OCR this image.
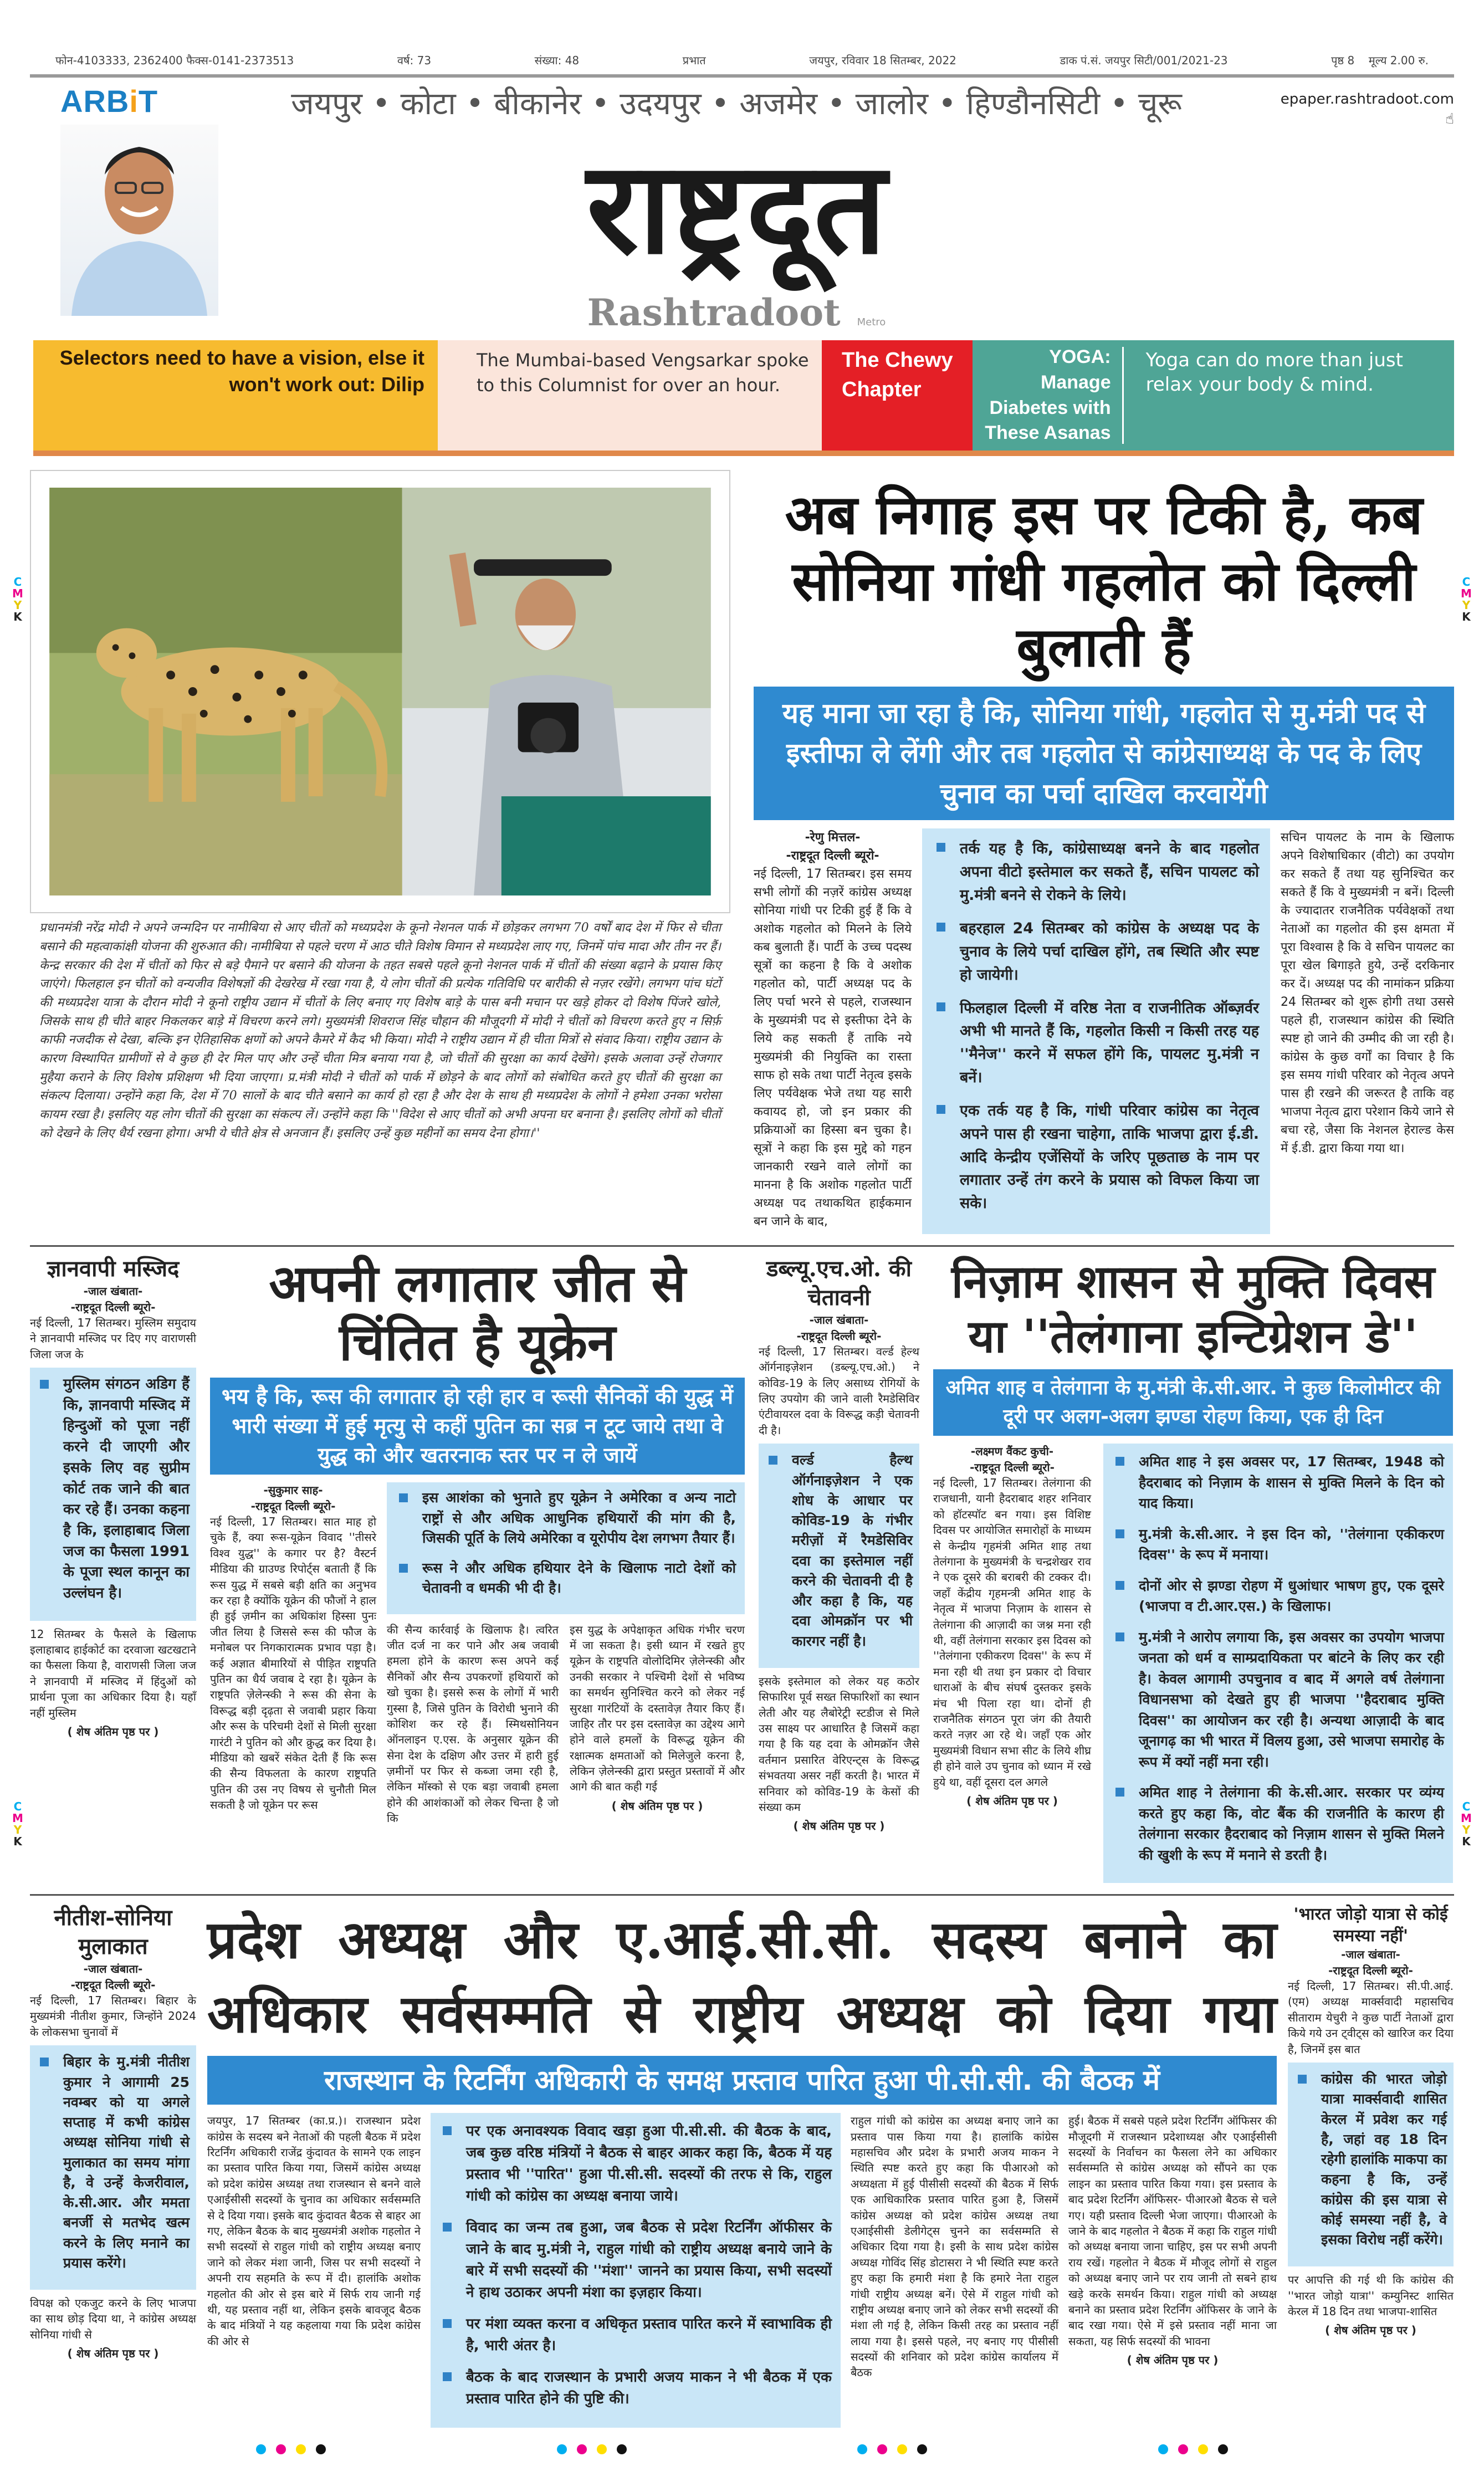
फोन-4103333, 2362400 फैक्स-0141-2373513	वर्ष: 73	संख्या: 48	प्रभात	जयपुर, रविवार 18 सितम्बर, 2022	डाक पं.सं. जयपुर सिटी/001/2021-23	पृष्ठ 8 मूल्य 2.00 रु.
ARBiT	जयपुर • कोटा • बीकानेर • उदयपुर • अजमेर • जालोर • हिण्डौनसिटी • चूरू
राष्ट्रदूत
Rashtradoot Metro
epaper.rashtradoot.com
☝
Selectors need to have a vision, else it won't work out: Dilip
The Mumbai-based Vengsarkar spoke to this Columnist for over an hour.
The Chewy Chapter
YOGA:
Manage Diabetes with These Asanas
Yoga can do more than just relax your body & mind.
प्रधानमंत्री नरेंद्र मोदी ने अपने जन्मदिन पर नामीबिया से आए चीतों को मध्यप्रदेश के कूनो नेशनल पार्क में छोड़कर लगभग 70 वर्षों बाद देश में फिर से चीता बसाने की महत्वाकांक्षी योजना की शुरुआत की। नामीबिया से पहले चरण में आठ चीते विशेष विमान से मध्यप्रदेश लाए गए, जिनमें पांच मादा और तीन नर हैं। केन्द्र सरकार की देश में चीतों को फिर से बड़े पैमाने पर बसाने की योजना के तहत सबसे पहले कूनो नेशनल पार्क में चीतों की संख्या बढ़ाने के प्रयास किए जाएंगे। फिलहाल इन चीतों को वन्यजीव विशेषज्ञों की देखरेख में रखा गया है, ये लोग चीतों की प्रत्येक गतिविधि पर बारीकी से नज़र रखेंगे। लगभग पांच घंटों की मध्यप्रदेश यात्रा के दौरान मोदी ने कूनो राष्ट्रीय उद्यान में चीतों के लिए बनाए गए विशेष बाड़े के पास बनी मचान पर खड़े होकर दो विशेष पिंजरे खोले, जिसके साथ ही चीते बाहर निकलकर बाड़े में विचरण करने लगे। मुख्यमंत्री शिवराज सिंह चौहान की मौजूदगी में मोदी ने चीतों को विचरण करते हुए न सिर्फ़ काफी नजदीक से देखा, बल्कि इन ऐतिहासिक क्षणों को अपने कैमरे में कैद भी किया। मोदी ने राष्ट्रीय उद्यान में ही चीता मित्रों से संवाद किया। राष्ट्रीय उद्यान के कारण विस्थापित ग्रामीणों से वे कुछ ही देर मिल पाए और उन्हें चीता मित्र बनाया गया है, जो चीतों की सुरक्षा का कार्य देखेंगे। इसके अलावा उन्हें रोजगार मुहैया कराने के लिए विशेष प्रशिक्षण भी दिया जाएगा। प्र.मंत्री मोदी ने चीतों को पार्क में छोड़ने के बाद लोगों को संबोधित करते हुए चीतों की सुरक्षा का संकल्प दिलाया। उन्होंने कहा कि, देश में 70 सालों के बाद चीते बसाने का कार्य हो रहा है और देश के साथ ही मध्यप्रदेश के लोगों ने हमेशा उनका भरोसा कायम रखा है। इसलिए यह लोग चीतों की सुरक्षा का संकल्प लें। उन्होंने कहा कि ''विदेश से आए चीतों को अभी अपना घर बनाना है। इसलिए लोगों को चीतों को देखने के लिए धैर्य रखना होगा। अभी ये चीते क्षेत्र से अनजान हैं। इसलिए उन्हें कुछ महीनों का समय देना होगा।''
अब निगाह इस पर टिकी है, कब सोनिया गांधी गहलोत को दिल्ली बुलाती हैं
यह माना जा रहा है कि, सोनिया गांधी, गहलोत से मु.मंत्री पद से इस्तीफा ले लेंगी और तब गहलोत से कांग्रेसाध्यक्ष के पद के लिए चुनाव का पर्चा दाखिल करवायेंगी
-रेणु मित्तल-
-राष्ट्रदूत दिल्ली ब्यूरो-
नई दिल्ली, 17 सितम्बर। इस समय सभी लोगों की नज़रें कांग्रेस अध्यक्ष सोनिया गांधी पर टिकी हुई हैं कि वे अशोक गहलोत को मिलने के लिये कब बुलाती हैं। पार्टी के उच्च पदस्थ सूत्रों का कहना है कि वे अशोक गहलोत को, पार्टी अध्यक्ष पद के लिए पर्चा भरने से पहले, राजस्थान के मुख्यमंत्री पद से इस्तीफा देने के लिये कह सकती हैं ताकि नये मुख्यमंत्री की नियुक्ति का रास्ता साफ हो सके तथा पार्टी नेतृत्व इसके लिए पर्यवेक्षक भेजे तथा यह सारी कवायद हो, जो इन प्रकार की प्रक्रियाओं का हिस्सा बन चुका है। सूत्रों ने कहा कि इस मुद्दे को गहन जानकारी रखने वाले लोगों का मानना है कि अशोक गहलोत पार्टी अध्यक्ष पद तथाकथित हाईकमान बन जाने के बाद,
तर्क यह है कि, कांग्रेसाध्यक्ष बनने के बाद गहलोत अपना वीटो इस्तेमाल कर सकते हैं, सचिन पायलट को मु.मंत्री बनने से रोकने के लिये।
बहरहाल 24 सितम्बर को कांग्रेस के अध्यक्ष पद के चुनाव के लिये पर्चा दाखिल होंगे, तब स्थिति और स्पष्ट हो जायेगी।
फिलहाल दिल्ली में वरिष्ठ नेता व राजनीतिक ऑब्ज़र्वर अभी भी मानते हैं कि, गहलोत किसी न किसी तरह यह ''मैनेज'' करने में सफल होंगे कि, पायलट मु.मंत्री न बनें।
एक तर्क यह है कि, गांधी परिवार कांग्रेस का नेतृत्व अपने पास ही रखना चाहेगा, ताकि भाजपा द्वारा ई.डी. आदि केन्द्रीय एजेंसियों के जरिए पूछताछ के नाम पर लगातार उन्हें तंग करने के प्रयास को विफल किया जा सके।
सचिन पायलट के नाम के खिलाफ अपने विशेषाधिकार (वीटो) का उपयोग कर सकते हैं तथा यह सुनिश्चित कर सकते हैं कि वे मुख्यमंत्री न बनें। दिल्ली के ज्यादातर राजनैतिक पर्यवेक्षकों तथा नेताओं का गहलोत की इस क्षमता में पूरा विश्वास है कि वे सचिन पायलट का पूरा खेल बिगाड़ते हुये, उन्हें दरकिनार कर दें। अध्यक्ष पद की नामांकन प्रक्रिया 24 सितम्बर को शुरू होगी तथा उससे पहले ही, राजस्थान कांग्रेस की स्थिति स्पष्ट हो जाने की उम्मीद की जा रही है। कांग्रेस के कुछ वर्गों का विचार है कि इस समय गांधी परिवार को नेतृत्व अपने पास ही रखने की जरूरत है ताकि वह भाजपा नेतृत्व द्वारा परेशान किये जाने से बचा रहे, जैसा कि नेशनल हेराल्ड केस में ई.डी. द्वारा किया गया था।
ज्ञानवापी मस्जिद
-जाल खंबाता-
-राष्ट्रदूत दिल्ली ब्यूरो-
नई दिल्ली, 17 सितम्बर। मुस्लिम समुदाय ने ज्ञानवापी मस्जिद पर दिए गए वाराणसी जिला जज के
मुस्लिम संगठन अडिग हैं कि, ज्ञानवापी मस्जिद में हिन्दुओं को पूजा नहीं करने दी जाएगी और इसके लिए वह सुप्रीम कोर्ट तक जाने की बात कर रहे हैं। उनका कहना है कि, इलाहाबाद जिला जज का फैसला 1991 के पूजा स्थल कानून का उल्लंघन है।
12 सितम्बर के फैसले के खिलाफ इलाहाबाद हाईकोर्ट का दरवाजा खटखटाने का फैसला किया है, वाराणसी जिला जज ने ज्ञानवापी में मस्जिद में हिंदुओं को प्रार्थना पूजा का अधिकार दिया है। यहाँ नहीं मुस्लिम
( शेष अंतिम पृष्ठ पर )
अपनी लगातार जीत से चिंतित है यूक्रेन
भय है कि, रूस की लगातार हो रही हार व रूसी सैनिकों की युद्ध में भारी संख्या में हुई मृत्यु से कहीं पुतिन का सब्र न टूट जाये तथा वे युद्ध को और खतरनाक स्तर पर न ले जायें
-सुकुमार साह-
-राष्ट्रदूत दिल्ली ब्यूरो-
नई दिल्ली, 17 सितम्बर। सात माह हो चुके हैं, क्या रूस-यूक्रेन विवाद ''तीसरे विश्व युद्ध'' के कगार पर है? वैस्टर्न मीडिया की ग्राउण्ड रिपोर्ट्स बताती हैं कि रूस युद्ध में सबसे बड़ी क्षति का अनुभव कर रहा है क्योंकि यूक्रेन की फौजों ने हाल ही हुई ज़मीन का अधिकांश हिस्सा पुनः जीत लिया है जिससे रूस की फौज के मनोबल पर निगकारात्मक प्रभाव पड़ा है। कई अज्ञात बीमारियों से पीड़ित राष्ट्रपति पुतिन का धैर्य जवाब दे रहा है। यूक्रेन के राष्ट्रपति ज़ेलेन्स्की ने रूस की सेना के विरूद्ध बड़ी दृढ़ता से जवाबी प्रहार किया और रूस के परिचमी देशों से मिली सुरक्षा गारंटी ने पुतिन को और क्रुद्ध कर दिया है। मीडिया को खबरें संकेत देती हैं कि रूस की सैन्य विफलता के कारण राष्ट्रपति पुतिन की उस नए विषय से चुनौती मिल सकती है जो यूक्रेन पर रूस
इस आशंका को भुनाते हुए यूक्रेन ने अमेरिका व अन्य नाटो राष्ट्रों से और अधिक आधुनिक हथियारों की मांग की है, जिसकी पूर्ति के लिये अमेरिका व यूरोपीय देश लगभग तैयार हैं।
रूस ने और अधिक हथियार देने के खिलाफ नाटो देशों को चेतावनी व धमकी भी दी है।
की सैन्य कार्रवाई के खिलाफ है। त्वरित जीत दर्ज ना कर पाने और अब जवाबी हमला होने के कारण रूस अपने कई सैनिकों और सैन्य उपकरणों हथियारों को खो चुका है। इससे रूस के लोगों में भारी गुस्सा है, जिसे पुतिन के विरोधी भुनाने की कोशिश कर रहे हैं। स्मिथसोनियन ऑनलाइन ए.एस. के अनुसार यूक्रेन की सेना देश के दक्षिण और उत्तर में हारी हुई ज़मीनों पर फिर से कब्जा जमा रही है, लेकिन मॉस्को से एक बड़ा जवाबी हमला होने की आशंकाओं को लेकर चिन्ता है जो कि
इस युद्ध के अपेक्षाकृत अधिक गंभीर चरण में जा सकता है। इसी ध्यान में रखते हुए यूक्रेन के राष्ट्रपति वोलोदिमिर ज़ेलेन्स्की और उनकी सरकार ने पश्चिमी देशों से भविष्य का समर्थन सुनिश्चित करने को लेकर नई सुरक्षा गारंटियों के दस्तावेज़ तैयार किए हैं। जाहिर तौर पर इस दस्तावेज़ का उद्देश्य आगे होने वाले हमलों के विरूद्ध यूक्रेन की रक्षात्मक क्षमताओं को मिलेजुले करना है, लेकिन ज़ेलेन्स्की द्वारा प्रस्तुत प्रस्तावों में और आगे की बात कही गई
( शेष अंतिम पृष्ठ पर )
डब्ल्यू.एच.ओ. की चेतावनी
-जाल खंबाता-
-राष्ट्रदूत दिल्ली ब्यूरो-
नई दिल्ली, 17 सितम्बर। वर्ल्ड हेल्थ ऑर्गनाइज़ेशन (डब्ल्यू.एच.ओ.) ने कोविड-19 के लिए असाध्य रोगियों के लिए उपयोग की जाने वाली रैमडेसिविर एंटीवायरल दवा के विरूद्ध कड़ी चेतावनी दी है।
वर्ल्ड हैल्थ ऑर्गनाइज़ेशन ने एक शोध के आधार पर कोविड-19 के गंभीर मरीज़ों में रैमडेसिविर दवा का इस्तेमाल नहीं करने की चेतावनी दी है और कहा है कि, यह दवा ओमक्रॉन पर भी कारगर नहीं है।
इसके इस्तेमाल को लेकर यह कठोर सिफारिश पूर्व सख्त सिफारिशों का स्थान लेती और यह लैबोरेट्री स्टडीज से मिले उस साक्ष्य पर आधारित है जिसमें कहा गया है कि यह दवा के ओमक्रॉन जैसे वर्तमान प्रसारित वेरिएन्ट्स के विरूद्ध संभवतया असर नहीं करती है। भारत में सनिवार को कोविड-19 के केसों की संख्या कम
( शेष अंतिम पृष्ठ पर )
निज़ाम शासन से मुक्ति दिवस या ''तेलंगाना इन्टिग्रेशन डे''
अमित शाह व तेलंगाना के मु.मंत्री के.सी.आर. ने कुछ किलोमीटर की दूरी पर अलग-अलग झण्डा रोहण किया, एक ही दिन
-लक्ष्मण वैंकट कुची-
-राष्ट्रदूत दिल्ली ब्यूरो-
नई दिल्ली, 17 सितम्बर। तेलंगाना की राजधानी, यानी हैदराबाद शहर शनिवार को हॉटस्पॉट बन गया। इस विशिष्ट दिवस पर आयोजित समारोहों के माध्यम से केन्द्रीय गृहमंत्री अमित शाह तथा तेलंगाना के मुख्यमंत्री के चन्द्रशेखर राव ने एक दूसरे की बराबरी की टक्कर दी। जहाँ केंद्रीय गृहमन्त्री अमित शाह के नेतृत्व में भाजपा निज़ाम के शासन से तेलंगाना की आज़ादी का जश्न मना रही थी, वहीं तेलंगाना सरकार इस दिवस को ''तेलंगाना एकीकरण दिवस'' के रूप में मना रही थी तथा इन प्रकार दो विचार धाराओं के बीच संघर्ष दुस्तकर इसके मंच भी पिला रहा था। दोनों ही राजनैतिक संगठन पूरा जंग की तैयारी करते नज़र आ रहे थे। जहाँ एक ओर मुख्यमंत्री विधान सभा सीट के लिये शीघ्र ही होने वाले उप चुनाव को ध्यान में रखे हुये था, वहीं दूसरा दल अगले
( शेष अंतिम पृष्ठ पर )
अमित शाह ने इस अवसर पर, 17 सितम्बर, 1948 को हैदराबाद को निज़ाम के शासन से मुक्ति मिलने के दिन को याद किया।
मु.मंत्री के.सी.आर. ने इस दिन को, ''तेलंगाना एकीकरण दिवस'' के रूप में मनाया।
दोनों ओर से झण्डा रोहण में धुआंधार भाषण हुए, एक दूसरे (भाजपा व टी.आर.एस.) के खिलाफ।
मु.मंत्री ने आरोप लगाया कि, इस अवसर का उपयोग भाजपा जनता को धर्म व साम्प्रदायिकता पर बांटने के लिए कर रही है। केवल आगामी उपचुनाव व बाद में अगले वर्ष तेलंगाना विधानसभा को देखते हुए ही भाजपा ''हैदराबाद मुक्ति दिवस'' का आयोजन कर रही है। अन्यथा आज़ादी के बाद जूनागढ़ का भी भारत में विलय हुआ, उसे भाजपा समारोह के रूप में क्यों नहीं मना रही।
अमित शाह ने तेलंगाना की के.सी.आर. सरकार पर व्यंग्य करते हुए कहा कि, वोट बैंक की राजनीति के कारण ही तेलंगाना सरकार हैदराबाद को निज़ाम शासन से मुक्ति मिलने की खुशी के रूप में मनाने से डरती है।
नीतीश-सोनिया मुलाकात
-जाल खंबाता-
-राष्ट्रदूत दिल्ली ब्यूरो-
नई दिल्ली, 17 सितम्बर। बिहार के मुख्यमंत्री नीतीश कुमार, जिन्होंने 2024 के लोकसभा चुनावों में
बिहार के मु.मंत्री नीतीश कुमार ने आगामी 25 नवम्बर को या अगले सप्ताह में कभी कांग्रेस अध्यक्ष सोनिया गांधी से मुलाकात का समय मांगा है, वे उन्हें केजरीवाल, के.सी.आर. और ममता बनर्जी से मतभेद खत्म करने के लिए मनाने का प्रयास करेंगे।
विपक्ष को एकजुट करने के लिए भाजपा का साथ छोड़ दिया था, ने कांग्रेस अध्यक्ष सोनिया गांधी से
( शेष अंतिम पृष्ठ पर )
प्रदेश अध्यक्ष और ए.आई.सी.सी. सदस्य बनाने का अधिकार सर्वसम्मति से राष्ट्रीय अध्यक्ष को दिया गया
राजस्थान के रिटर्निंग अधिकारी के समक्ष प्रस्ताव पारित हुआ पी.सी.सी. की बैठक में
जयपुर, 17 सितम्बर (का.प्र.)। राजस्थान प्रदेश कांग्रेस के सदस्य बने नेताओं की पहली बैठक में प्रदेश रिटर्निंग अधिकारी राजेंद्र कुंदावत के सामने एक लाइन का प्रस्ताव पारित किया गया, जिसमें कांग्रेस अध्यक्ष को प्रदेश कांग्रेस अध्यक्ष तथा राजस्थान से बनने वाले एआईसीसी सदस्यों के चुनाव का अधिकार सर्वसम्मति से दे दिया गया। इसके बाद कुंदावत बैठक से बाहर आ गए, लेकिन बैठक के बाद मुख्यमंत्री अशोक गहलोत ने सभी सदस्यों से राहुल गांधी को राष्ट्रीय अध्यक्ष बनाए जाने को लेकर मंशा जानी, जिस पर सभी सदस्यों ने अपनी राय सहमति के रूप में दी। हालांकि अशोक गहलोत की ओर से इस बारे में सिर्फ राय जानी गई थी, यह प्रस्ताव नहीं था, लेकिन इसके बावजूद बैठक के बाद मंत्रियों ने यह कहलाया गया कि प्रदेश कांग्रेस की ओर से
पर एक अनावश्यक विवाद खड़ा हुआ पी.सी.सी. की बैठक के बाद, जब कुछ वरिष्ठ मंत्रियों ने बैठक से बाहर आकर कहा कि, बैठक में यह प्रस्ताव भी ''पारित'' हुआ पी.सी.सी. सदस्यों की तरफ से कि, राहुल गांधी को कांग्रेस का अध्यक्ष बनाया जाये।
विवाद का जन्म तब हुआ, जब बैठक से प्रदेश रिटर्निंग ऑफीसर के जाने के बाद मु.मंत्री ने, राहुल गांधी को राष्ट्रीय अध्यक्ष बनाये जाने के बारे में सभी सदस्यों की ''मंशा'' जानने का प्रयास किया, सभी सदस्यों ने हाथ उठाकर अपनी मंशा का इज़हार किया।
पर मंशा व्यक्त करना व अधिकृत प्रस्ताव पारित करने में स्वाभाविक ही है, भारी अंतर है।
बैठक के बाद राजस्थान के प्रभारी अजय माकन ने भी बैठक में एक प्रस्ताव पारित होने की पुष्टि की।
राहुल गांधी को कांग्रेस का अध्यक्ष बनाए जाने का प्रस्ताव पास किया गया है। हालांकि कांग्रेस महासचिव और प्रदेश के प्रभारी अजय माकन ने स्थिति स्पष्ट करते हुए कहा कि पीआरओ को अध्यक्षता में हुई पीसीसी सदस्यों की बैठक में सिर्फ एक आधिकारिक प्रस्ताव पारित हुआ है, जिसमें कांग्रेस अध्यक्ष को प्रदेश कांग्रेस अध्यक्ष तथा एआईसीसी डेलीगेट्स चुनने का सर्वसम्मति से अधिकार दिया गया है। इसी के साथ प्रदेश कांग्रेस अध्यक्ष गोविंद सिंह डोटासरा ने भी स्थिति स्पष्ट करते हुए कहा कि हमारी मंशा है कि हमारे नेता राहुल गांधी राष्ट्रीय अध्यक्ष बनें। ऐसे में राहुल गांधी को राष्ट्रीय अध्यक्ष बनाए जाने को लेकर सभी सदस्यों की मंशा ली गई है, लेकिन किसी तरह का प्रस्ताव नहीं लाया गया है। इससे पहले, नए बनाए गए पीसीसी सदस्यों की शनिवार को प्रदेश कांग्रेस कार्यालय में बैठक
हुई। बैठक में सबसे पहले प्रदेश रिटर्निंग ऑफिसर की मौजूदगी में राजस्थान प्रदेशाध्यक्ष और एआईसीसी सदस्यों के निर्वाचन का फैसला लेने का अधिकार सर्वसम्मति से कांग्रेस अध्यक्ष को सौंपने का एक लाइन का प्रस्ताव पारित किया गया। इस प्रस्ताव के बाद प्रदेश रिटर्निंग ऑफिसर- पीआरओ बैठक से चले गए। यही प्रस्ताव दिल्ली भेजा जाएगा। पीआरओ के जाने के बाद गहलोत ने बैठक में कहा कि राहुल गांधी को अध्यक्ष बनाया जाना चाहिए, इस पर सभी अपनी राय रखें। गहलोत ने बैठक में मौजूद लोगों से राहुल को अध्यक्ष बनाए जाने पर राय जानी तो सबने हाथ खड़े करके समर्थन किया। राहुल गांधी को अध्यक्ष बनाने का प्रस्ताव प्रदेश रिटर्निंग ऑफिसर के जाने के बाद रखा गया। ऐसे में इसे प्रस्ताव नहीं माना जा सकता, यह सिर्फ सदस्यों की भावना
( शेष अंतिम पृष्ठ पर )
'भारत जोड़ो यात्रा से कोई समस्या नहीं'
-जाल खंबाता-
-राष्ट्रदूत दिल्ली ब्यूरो-
नई दिल्ली, 17 सितम्बर। सी.पी.आई. (एम) अध्यक्ष मार्क्सवादी महासचिव सीताराम येचुरी ने कुछ पार्टी नेताओं द्वारा किये गये उन ट्वीट्स को खारिज कर दिया है, जिनमें इस बात
कांग्रेस की भारत जोड़ो यात्रा मार्क्सवादी शासित केरल में प्रवेश कर गई है, जहां वह 18 दिन रहेगी हालांकि माकपा का कहना है कि, उन्हें कांग्रेस की इस यात्रा से कोई समस्या नहीं है, वे इसका विरोध नहीं करेंगे।
पर आपत्ति की गई थी कि कांग्रेस की ''भारत जोड़ो यात्रा'' कम्युनिस्ट शासित केरल में 18 दिन तथा भाजपा-शासित
( शेष अंतिम पृष्ठ पर )
C
M
Y
K
C
M
Y
K
C
M
Y
K
C
M
Y
K
